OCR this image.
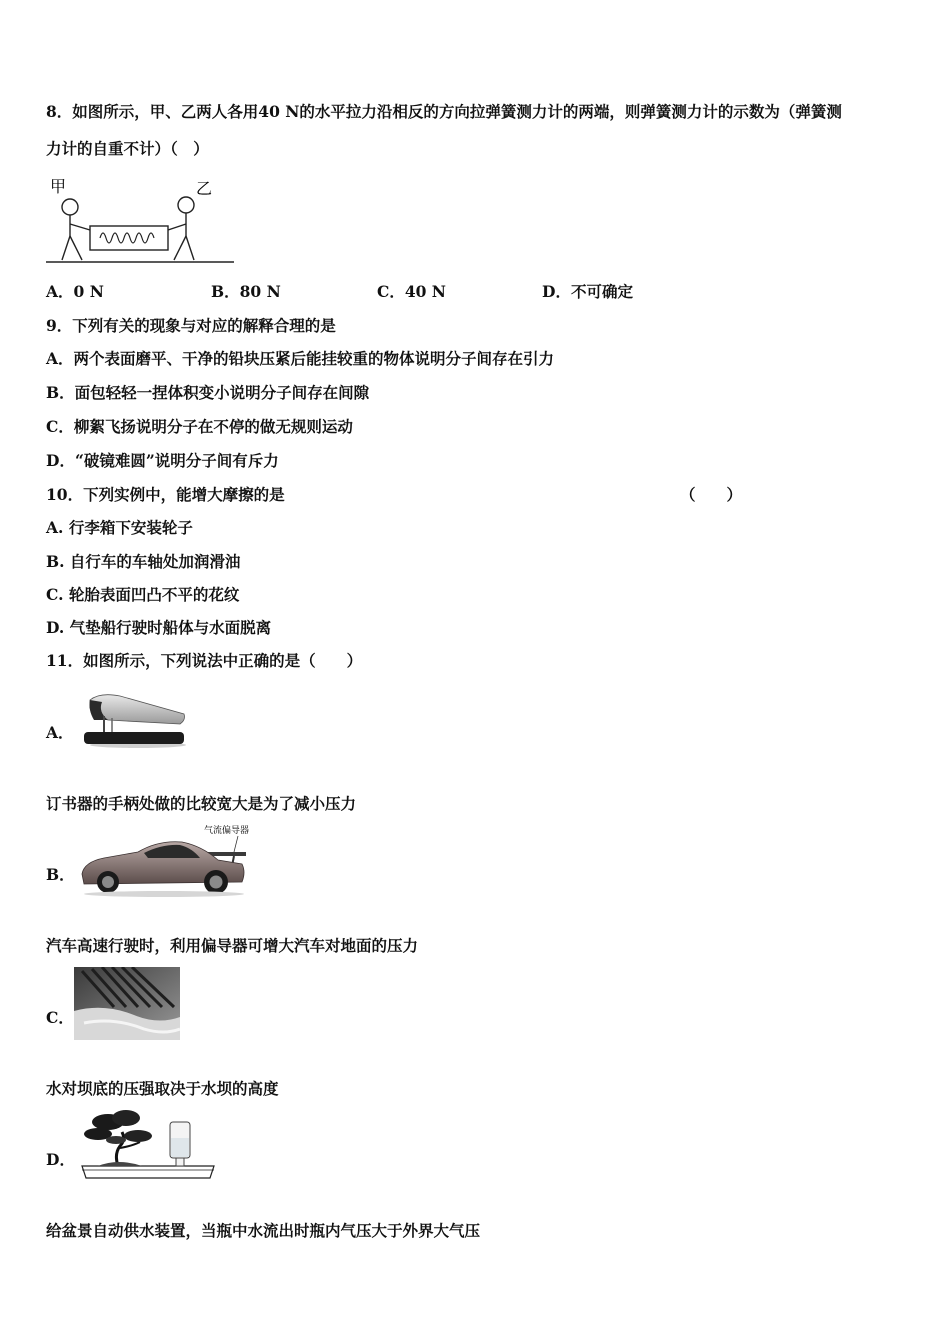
8．如图所示，甲、乙两人各用40 N的水平拉力沿相反的方向拉弹簧测力计的两端，则弹簧测力计的示数为（弹簧测
力计的自重不计）（　）
甲	乙
A．0 N	B．80 N	C．40 N	D．不可确定
9．下列有关的现象与对应的解释合理的是
A．两个表面磨平、干净的铅块压紧后能挂较重的物体说明分子间存在引力
B．面包轻轻一捏体积变小说明分子间存在间隙
C．柳絮飞扬说明分子在不停的做无规则运动
D．“破镜难圆”说明分子间有斥力
10．下列实例中，能增大摩擦的是	（　　）
A. 行李箱下安装轮子
B. 自行车的车轴处加润滑油
C. 轮胎表面凹凸不平的花纹
D. 气垫船行驶时船体与水面脱离
11．如图所示，下列说法中正确的是（　　）
A．
订书器的手柄处做的比较宽大是为了减小压力
B．
气流偏导器
汽车高速行驶时，利用偏导器可增大汽车对地面的压力
C．
水对坝底的压强取决于水坝的高度
D．
给盆景自动供水装置，当瓶中水流出时瓶内气压大于外界大气压
